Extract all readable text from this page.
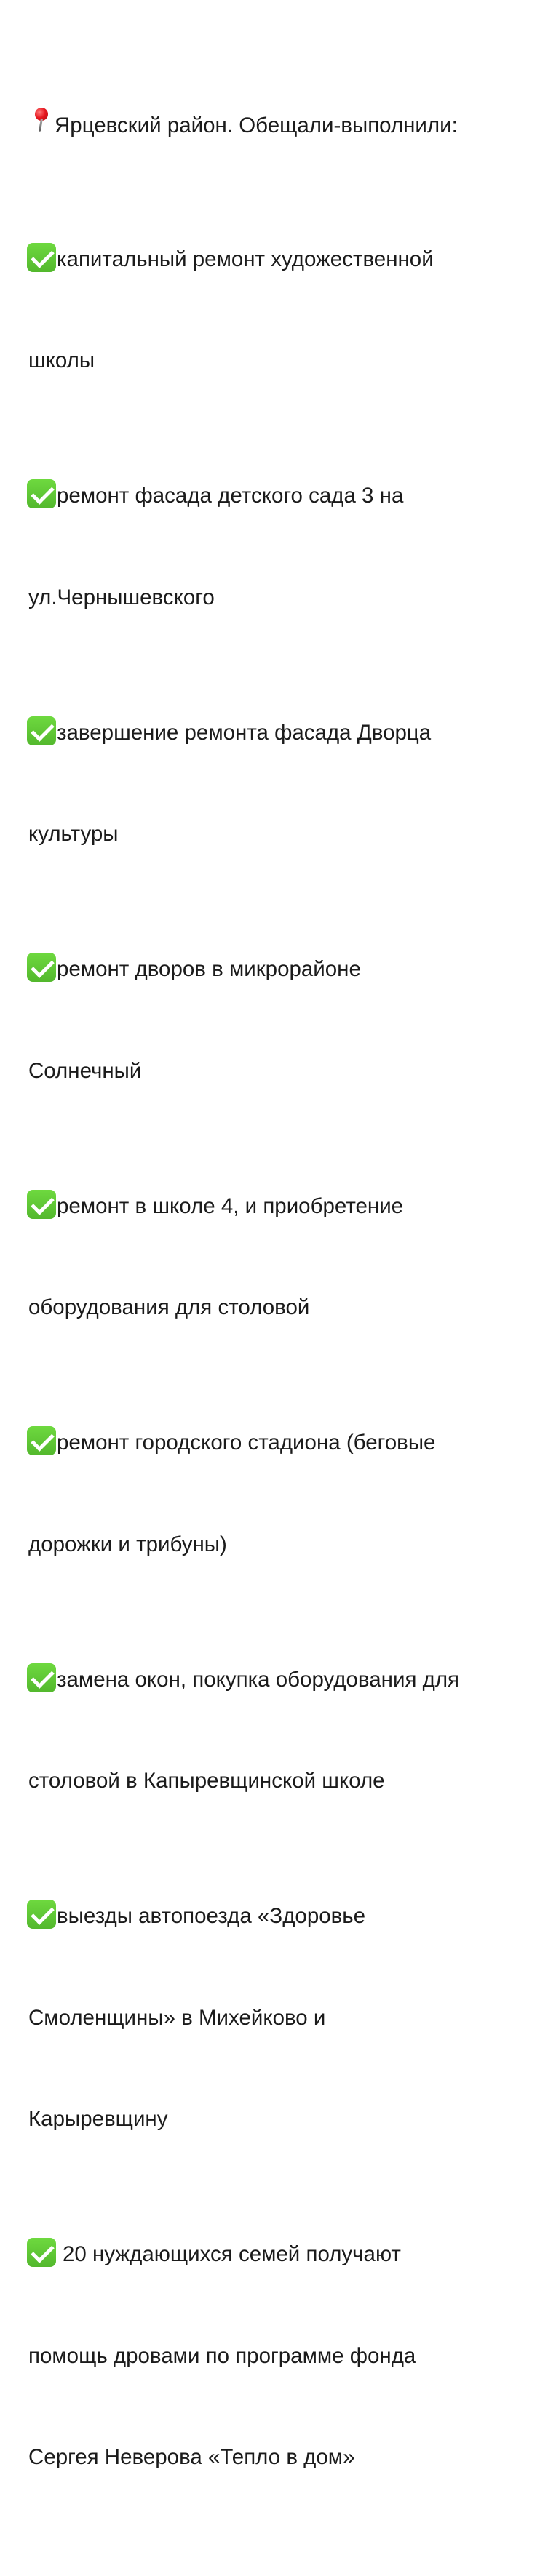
Ярцевский район. Обещали-выполнили:

капитальный ремонт художественной

школы

ремонт фасада детского сада 3 на

ул.Чернышевского

завершение ремонта фасада Дворца

культуры

ремонт дворов в микрорайоне

Солнечный

ремонт в школе 4, и приобретение

оборудования для столовой

ремонт городского стадиона (беговые

дорожки и трибуны)

замена окон, покупка оборудования для

столовой в Капыревщинской школе

выезды автопоезда «Здоровье

Смоленщины» в Михейково и

Карыревщину

20 нуждающихся семей получают

помощь дровами по программе фонда

Сергея Неверова «Тепло в дом»
